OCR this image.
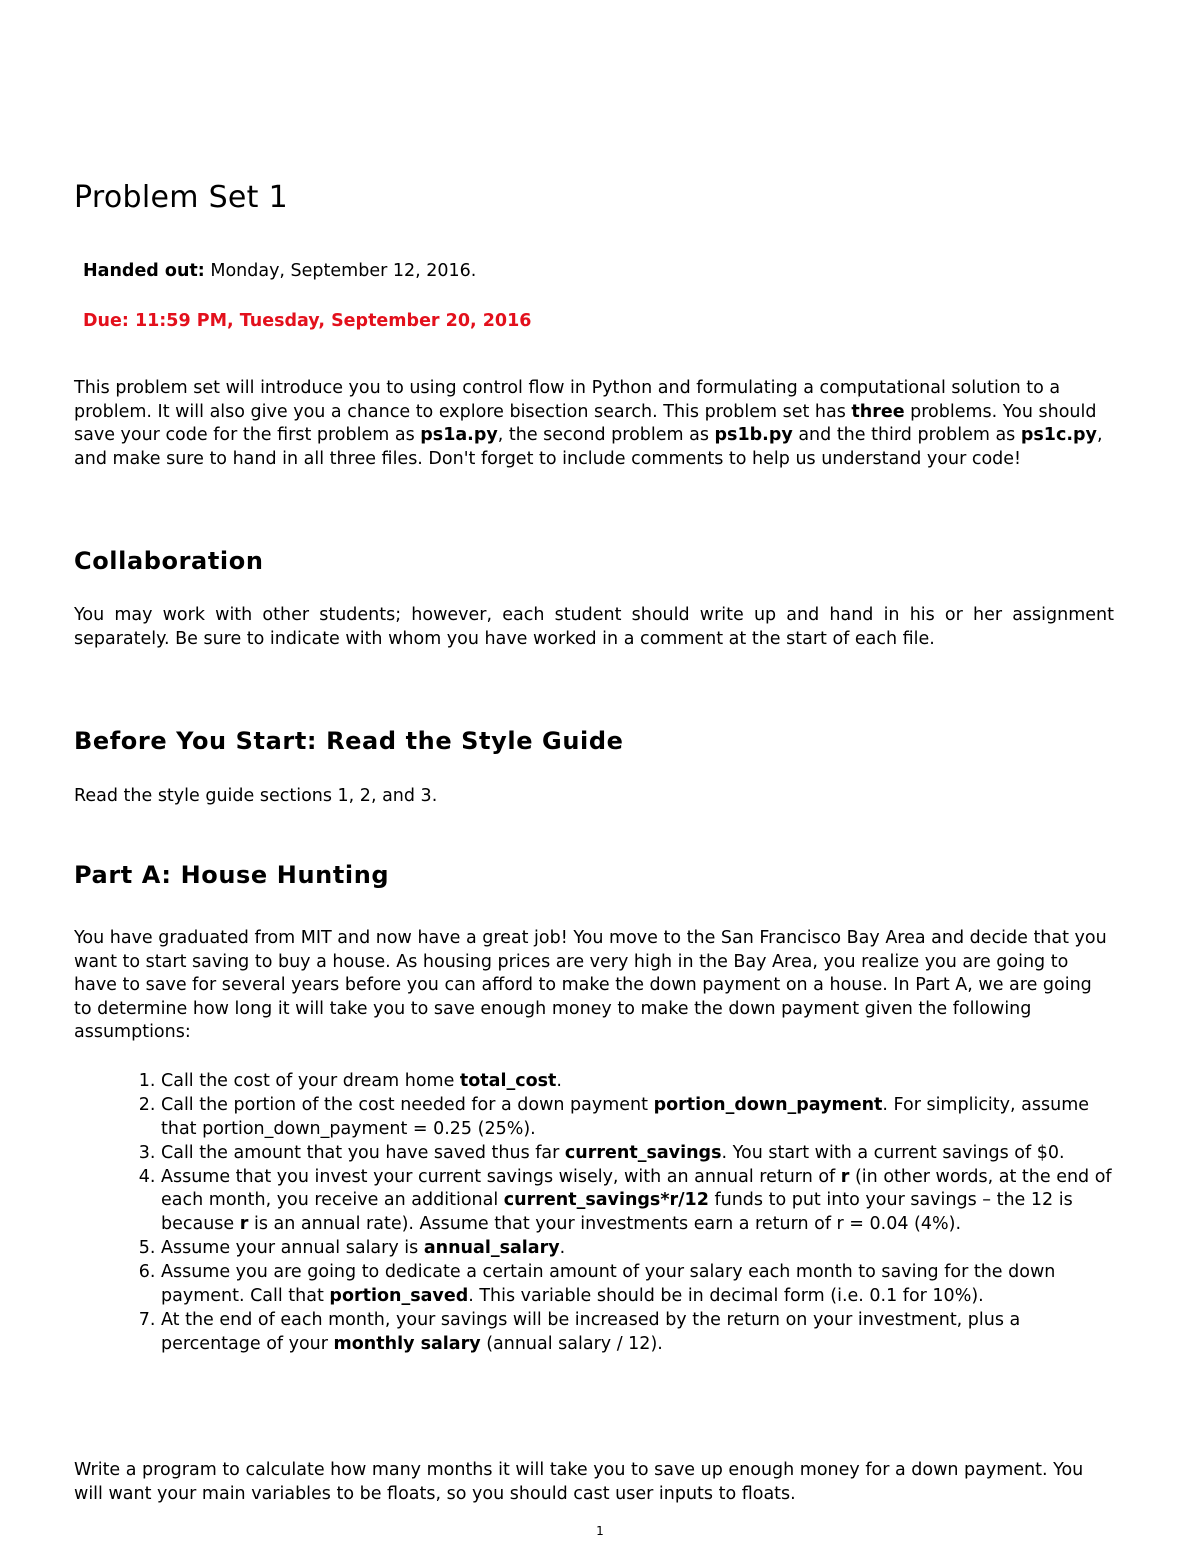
Problem Set 1

Handed out: Monday, September 12, 2016.

Due: 11:59 PM, Tuesday, September 20, 2016

This problem set will introduce you to using control flow in Python and formulating a computational solution to a problem. It will also give you a chance to explore bisection search. This problem set has three problems. You should save your code for the first problem as ps1a.py, the second problem as ps1b.py and the third problem as ps1c.py, and make sure to hand in all three files. Don't forget to include comments to help us understand your code!

Collaboration

You may work with other students; however, each student should write up and hand in his or her assignment separately. Be sure to indicate with whom you have worked in a comment at the start of each file.

Before You Start: Read the Style Guide

Read the style guide sections 1, 2, and 3.

Part A: House Hunting

You have graduated from MIT and now have a great job! You move to the San Francisco Bay Area and decide that you want to start saving to buy a house. As housing prices are very high in the Bay Area, you realize you are going to have to save for several years before you can afford to make the down payment on a house. In Part A, we are going to determine how long it will take you to save enough money to make the down payment given the following assumptions:

1. Call the cost of your dream home total_cost.
2. Call the portion of the cost needed for a down payment portion_down_payment. For simplicity, assume that portion_down_payment = 0.25 (25%).
3. Call the amount that you have saved thus far current_savings. You start with a current savings of $0.
4. Assume that you invest your current savings wisely, with an annual return of r (in other words, at the end of each month, you receive an additional current_savings*r/12 funds to put into your savings – the 12 is because r is an annual rate). Assume that your investments earn a return of r = 0.04 (4%).
5. Assume your annual salary is annual_salary.
6. Assume you are going to dedicate a certain amount of your salary each month to saving for the down payment. Call that portion_saved. This variable should be in decimal form (i.e. 0.1 for 10%).
7. At the end of each month, your savings will be increased by the return on your investment, plus a percentage of your monthly salary (annual salary / 12).

Write a program to calculate how many months it will take you to save up enough money for a down payment. You will want your main variables to be floats, so you should cast user inputs to floats.

1
